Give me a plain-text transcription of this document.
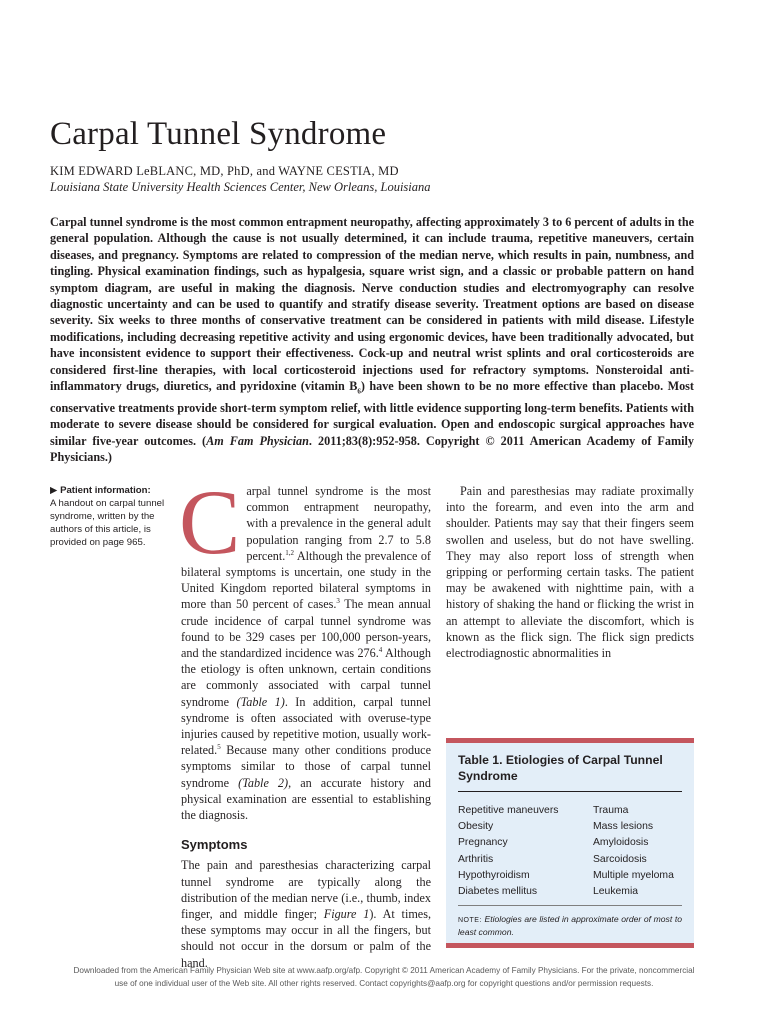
Carpal Tunnel Syndrome
KIM EDWARD LeBLANC, MD, PhD, and WAYNE CESTIA, MD
Louisiana State University Health Sciences Center, New Orleans, Louisiana

Carpal tunnel syndrome is the most common entrapment neuropathy, affecting approximately 3 to 6 percent of adults in the general population. Although the cause is not usually determined, it can include trauma, repetitive maneuvers, certain diseases, and pregnancy. Symptoms are related to compression of the median nerve, which results in pain, numbness, and tingling. Physical examination findings, such as hypalgesia, square wrist sign, and a classic or probable pattern on hand symptom diagram, are useful in making the diagnosis. Nerve conduction studies and electromyography can resolve diagnostic uncertainty and can be used to quantify and stratify disease severity. Treatment options are based on disease severity. Six weeks to three months of conservative treatment can be considered in patients with mild disease. Lifestyle modifications, including decreasing repetitive activity and using ergonomic devices, have been traditionally advocated, but have inconsistent evidence to support their effectiveness. Cock-up and neutral wrist splints and oral corticosteroids are considered first-line therapies, with local corticosteroid injections used for refractory symptoms. Nonsteroidal anti-inflammatory drugs, diuretics, and pyridoxine (vitamin $B_6$) have been shown to be no more effective than placebo. Most conservative treatments provide short-term symptom relief, with little evidence supporting long-term benefits. Patients with moderate to severe disease should be considered for surgical evaluation. Open and endoscopic surgical approaches have similar five-year outcomes. (Am Fam Physician. 2011;83(8):952-958. Copyright © 2011 American Academy of Family Physicians.)

▶ Patient information:
A handout on carpal tunnel syndrome, written by the authors of this article, is provided on page 965. Carpal tunnel syndrome is the most common entrapment neuropathy, with a prevalence in the general adult population ranging from 2.7 to 5.8 percent.$^{1,2}$ Although the prevalence of bilateral symptoms is uncertain, one study in the United Kingdom reported bilateral symptoms in more than 50 percent of cases.$^3$ The mean annual crude incidence of carpal tunnel syndrome was found to be 329 cases per 100,000 person-years, and the standardized incidence was 276.$^4$ Although the etiology is often unknown, certain conditions are commonly associated with carpal tunnel syndrome (Table 1). In addition, carpal tunnel syndrome is often associated with overuse-type injuries caused by repetitive motion, usually work-related.$^5$ Because many other conditions produce symptoms similar to those of carpal tunnel syndrome (Table 2), an accurate history and physical examination are essential to establishing the diagnosis.

Symptoms

The pain and paresthesias characterizing carpal tunnel syndrome are typically along the distribution of the median nerve (i.e., thumb, index finger, and middle finger; Figure 1). At times, these symptoms may occur in all the fingers, but should not occur in the dorsum or palm of the hand.

Pain and paresthesias may radiate proximally into the forearm, and even into the arm and shoulder. Patients may say that their fingers seem swollen and useless, but do not have swelling. They may also report loss of strength when gripping or performing certain tasks. The patient may be awakened with nighttime pain, with a history of shaking the hand or flicking the wrist in an attempt to alleviate the discomfort, which is known as the flick sign. The flick sign predicts electrodiagnostic abnormalities in

Table 1. Etiologies of Carpal Tunnel Syndrome
Repetitive maneuvers
Obesity
Pregnancy
Arthritis
Hypothyroidism
Diabetes mellitus
Trauma
Mass lesions
Amyloidosis
Sarcoidosis
Multiple myeloma
Leukemia
NOTE: Etiologies are listed in approximate order of most to least common.
Downloaded from the American Family Physician Web site at www.aafp.org/afp. Copyright © 2011 American Academy of Family Physicians. For the private, noncommercial
use of one individual user of the Web site. All other rights reserved. Contact copyrights@aafp.org for copyright questions and/or permission requests.
